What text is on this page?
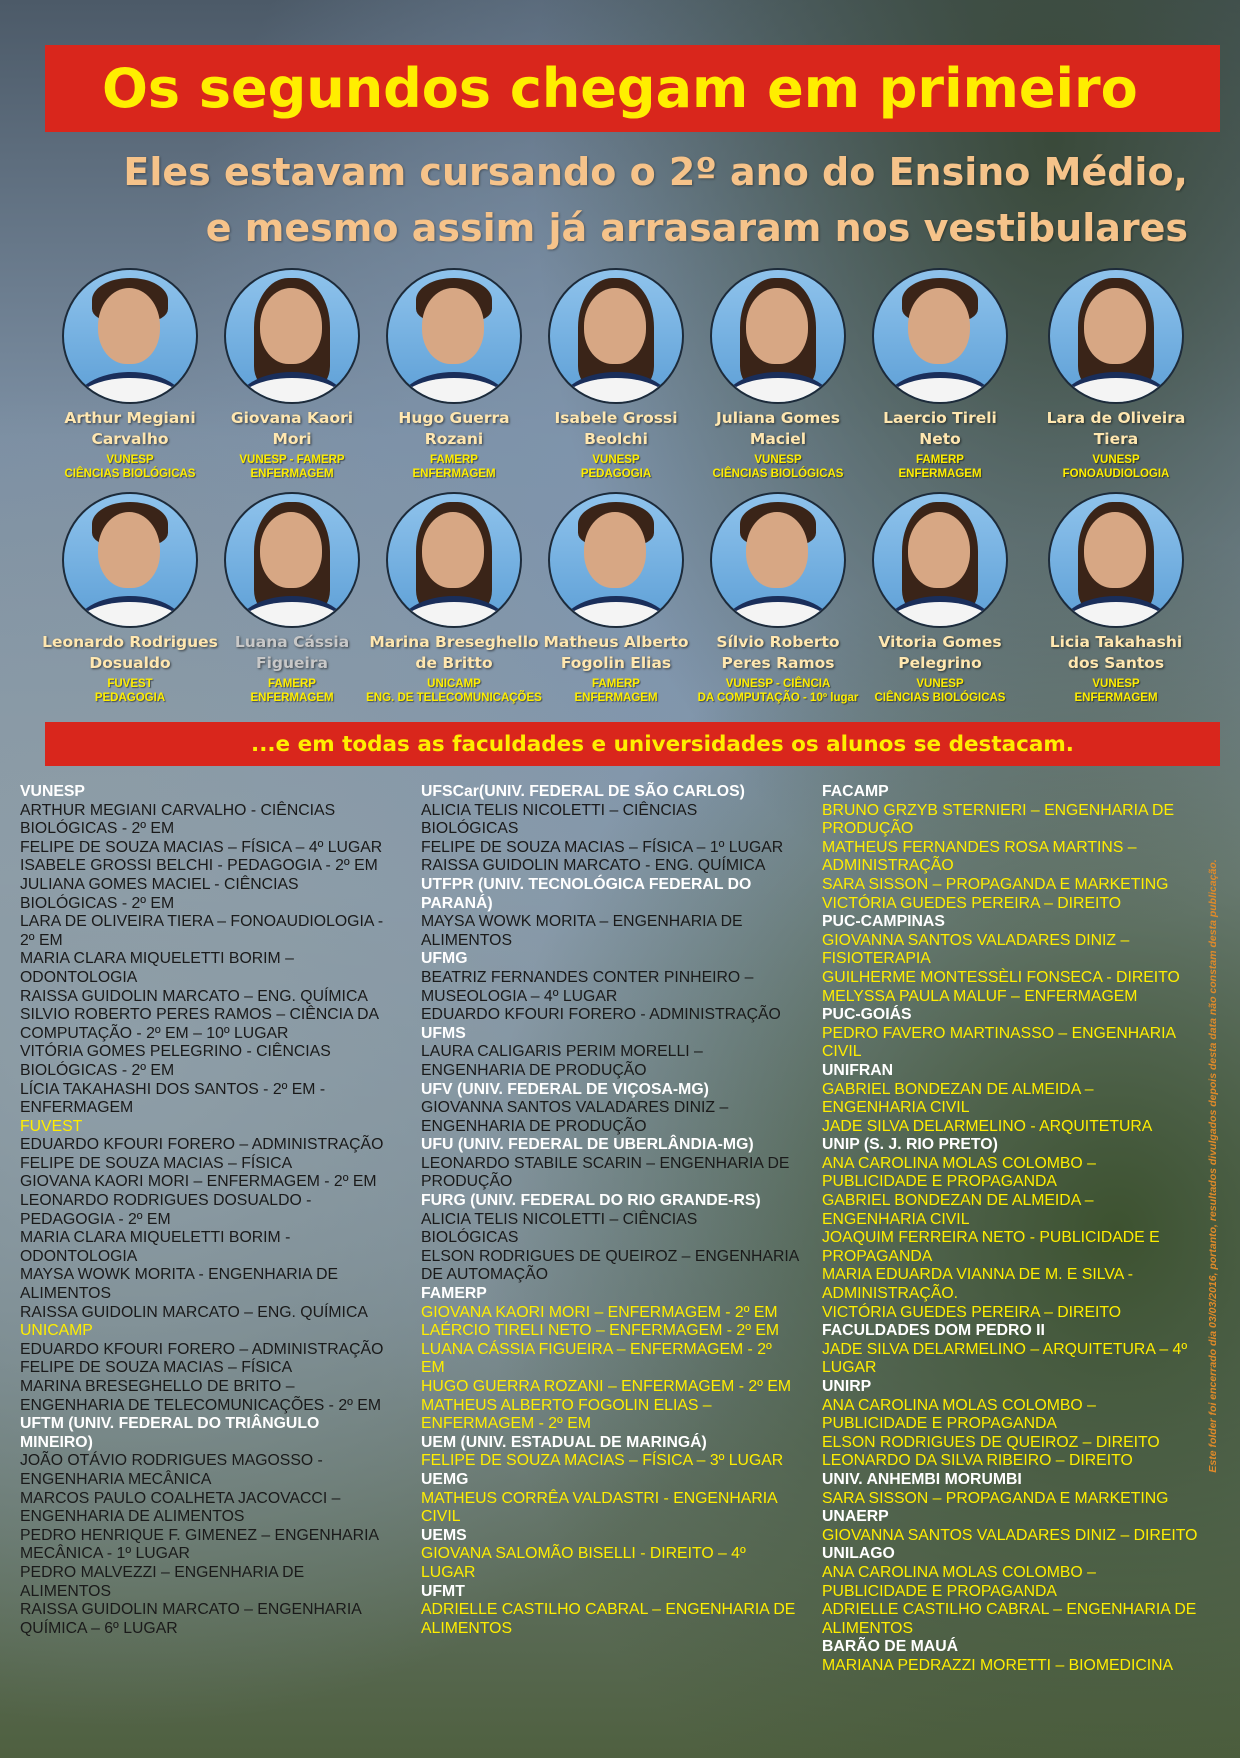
Os segundos chegam em primeiro
Eles estavam cursando o 2º ano do Ensino Médio,
e mesmo assim já arrasaram nos vestibulares
Arthur Megiani
Carvalho
VUNESP
CIÊNCIAS BIOLÓGICAS
Giovana Kaori
Mori
VUNESP - FAMERP
ENFERMAGEM
Hugo Guerra
Rozani
FAMERP
ENFERMAGEM
Isabele Grossi
Beolchi
VUNESP
PEDAGOGIA
Juliana Gomes
Maciel
VUNESP
CIÊNCIAS BIOLÓGICAS
Laercio Tireli
Neto
FAMERP
ENFERMAGEM
Lara de Oliveira
Tiera
VUNESP
FONOAUDIOLOGIA
Leonardo Rodrigues
Dosualdo
FUVEST
PEDAGOGIA
Luana Cássia
Figueira
FAMERP
ENFERMAGEM
Marina Breseghello
de Britto
UNICAMP
ENG. DE TELECOMUNICAÇÕES
Matheus Alberto
Fogolin Elias
FAMERP
ENFERMAGEM
Sílvio Roberto
Peres Ramos
VUNESP - CIÊNCIA
DA COMPUTAÇÃO - 10º lugar
Vitoria Gomes
Pelegrino
VUNESP
CIÊNCIAS BIOLÓGICAS
Licia Takahashi
dos Santos
VUNESP
ENFERMAGEM
...e em todas as faculdades e universidades os alunos se destacam.
VUNESP
ARTHUR MEGIANI CARVALHO - CIÊNCIAS BIOLÓGICAS - 2º EM
FELIPE DE SOUZA MACIAS – FÍSICA – 4º LUGAR
ISABELE GROSSI BELCHI - PEDAGOGIA - 2º EM
JULIANA GOMES MACIEL - CIÊNCIAS BIOLÓGICAS - 2º EM
LARA DE OLIVEIRA TIERA – FONOAUDIOLOGIA - 2º EM
MARIA CLARA MIQUELETTI BORIM – ODONTOLOGIA
RAISSA GUIDOLIN MARCATO – ENG. QUÍMICA
SILVIO ROBERTO PERES RAMOS – CIÊNCIA DA COMPUTAÇÃO - 2º EM – 10º LUGAR
VITÓRIA GOMES PELEGRINO - CIÊNCIAS BIOLÓGICAS - 2º EM
LÍCIA TAKAHASHI DOS SANTOS - 2º EM - ENFERMAGEM
FUVEST
EDUARDO KFOURI FORERO – ADMINISTRAÇÃO
FELIPE DE SOUZA MACIAS – FÍSICA
GIOVANA KAORI MORI – ENFERMAGEM - 2º EM
LEONARDO RODRIGUES DOSUALDO - PEDAGOGIA - 2º EM
MARIA CLARA MIQUELETTI BORIM - ODONTOLOGIA
MAYSA WOWK MORITA - ENGENHARIA DE ALIMENTOS
RAISSA GUIDOLIN MARCATO – ENG. QUÍMICA
UNICAMP
EDUARDO KFOURI FORERO – ADMINISTRAÇÃO
FELIPE DE SOUZA MACIAS – FÍSICA
MARINA BRESEGHELLO DE BRITO – ENGENHARIA DE TELECOMUNICAÇÕES - 2º EM
UFTM (UNIV. FEDERAL DO TRIÂNGULO MINEIRO)
JOÃO OTÁVIO RODRIGUES MAGOSSO - ENGENHARIA MECÂNICA
MARCOS PAULO COALHETA JACOVACCI – ENGENHARIA DE ALIMENTOS
PEDRO HENRIQUE F. GIMENEZ – ENGENHARIA MECÂNICA - 1º LUGAR
PEDRO MALVEZZI – ENGENHARIA DE ALIMENTOS
RAISSA GUIDOLIN MARCATO – ENGENHARIA QUÍMICA – 6º LUGAR
UFSCar(UNIV. FEDERAL DE SÃO CARLOS)
ALICIA TELIS NICOLETTI – CIÊNCIAS BIOLÓGICAS
FELIPE DE SOUZA MACIAS – FÍSICA – 1º LUGAR
RAISSA GUIDOLIN MARCATO - ENG. QUÍMICA
UTFPR (UNIV. TECNOLÓGICA FEDERAL DO PARANÁ)
MAYSA WOWK MORITA – ENGENHARIA DE ALIMENTOS
UFMG
BEATRIZ FERNANDES CONTER PINHEIRO – MUSEOLOGIA – 4º LUGAR
EDUARDO KFOURI FORERO - ADMINISTRAÇÃO
UFMS
LAURA CALIGARIS PERIM MORELLI – ENGENHARIA DE PRODUÇÃO
UFV (UNIV. FEDERAL DE VIÇOSA-MG)
GIOVANNA SANTOS VALADARES DINIZ – ENGENHARIA DE PRODUÇÃO
UFU (UNIV. FEDERAL DE UBERLÂNDIA-MG)
LEONARDO STABILE SCARIN – ENGENHARIA DE PRODUÇÃO
FURG (UNIV. FEDERAL DO RIO GRANDE-RS)
ALICIA TELIS NICOLETTI – CIÊNCIAS BIOLÓGICAS
ELSON RODRIGUES DE QUEIROZ – ENGENHARIA DE AUTOMAÇÃO
FAMERP
GIOVANA KAORI MORI – ENFERMAGEM - 2º EM
LAÉRCIO TIRELI NETO – ENFERMAGEM - 2º EM
LUANA CÁSSIA FIGUEIRA – ENFERMAGEM - 2º EM
HUGO GUERRA ROZANI – ENFERMAGEM - 2º EM
MATHEUS ALBERTO FOGOLIN ELIAS – ENFERMAGEM - 2º EM
UEM (UNIV. ESTADUAL DE MARINGÁ)
FELIPE DE SOUZA MACIAS – FÍSICA – 3º LUGAR
UEMG
MATHEUS CORRÊA VALDASTRI - ENGENHARIA CIVIL
UEMS
GIOVANA SALOMÃO BISELLI - DIREITO – 4º LUGAR
UFMT
ADRIELLE CASTILHO CABRAL – ENGENHARIA DE ALIMENTOS
FACAMP
BRUNO GRZYB STERNIERI – ENGENHARIA DE PRODUÇÃO
MATHEUS FERNANDES ROSA MARTINS – ADMINISTRAÇÃO
SARA SISSON – PROPAGANDA E MARKETING
VICTÓRIA GUEDES PEREIRA – DIREITO
PUC-CAMPINAS
GIOVANNA SANTOS VALADARES DINIZ – FISIOTERAPIA
GUILHERME MONTESSÈLI FONSECA - DIREITO
MELYSSA PAULA MALUF – ENFERMAGEM
PUC-GOIÁS
PEDRO FAVERO MARTINASSO – ENGENHARIA CIVIL
UNIFRAN
GABRIEL BONDEZAN DE ALMEIDA – ENGENHARIA CIVIL
JADE SILVA DELARMELINO - ARQUITETURA
UNIP (S. J. RIO PRETO)
ANA CAROLINA MOLAS COLOMBO – PUBLICIDADE E PROPAGANDA
GABRIEL BONDEZAN DE ALMEIDA – ENGENHARIA CIVIL
JOAQUIM FERREIRA NETO - PUBLICIDADE E PROPAGANDA
MARIA EDUARDA VIANNA DE M. E SILVA - ADMINISTRAÇÃO.
VICTÓRIA GUEDES PEREIRA – DIREITO
FACULDADES DOM PEDRO II
JADE SILVA DELARMELINO – ARQUITETURA – 4º LUGAR
UNIRP
ANA CAROLINA MOLAS COLOMBO – PUBLICIDADE E PROPAGANDA
ELSON RODRIGUES DE QUEIROZ – DIREITO
LEONARDO DA SILVA RIBEIRO – DIREITO
UNIV. ANHEMBI MORUMBI
SARA SISSON – PROPAGANDA E MARKETING
UNAERP
GIOVANNA SANTOS VALADARES DINIZ – DIREITO
UNILAGO
ANA CAROLINA MOLAS COLOMBO – PUBLICIDADE E PROPAGANDA
ADRIELLE CASTILHO CABRAL – ENGENHARIA DE ALIMENTOS
BARÃO DE MAUÁ
MARIANA PEDRAZZI MORETTI – BIOMEDICINA
Este folder foi encerrado dia 03/03/2016, portanto, resultados divulgados depois desta data não constam desta publicação.
